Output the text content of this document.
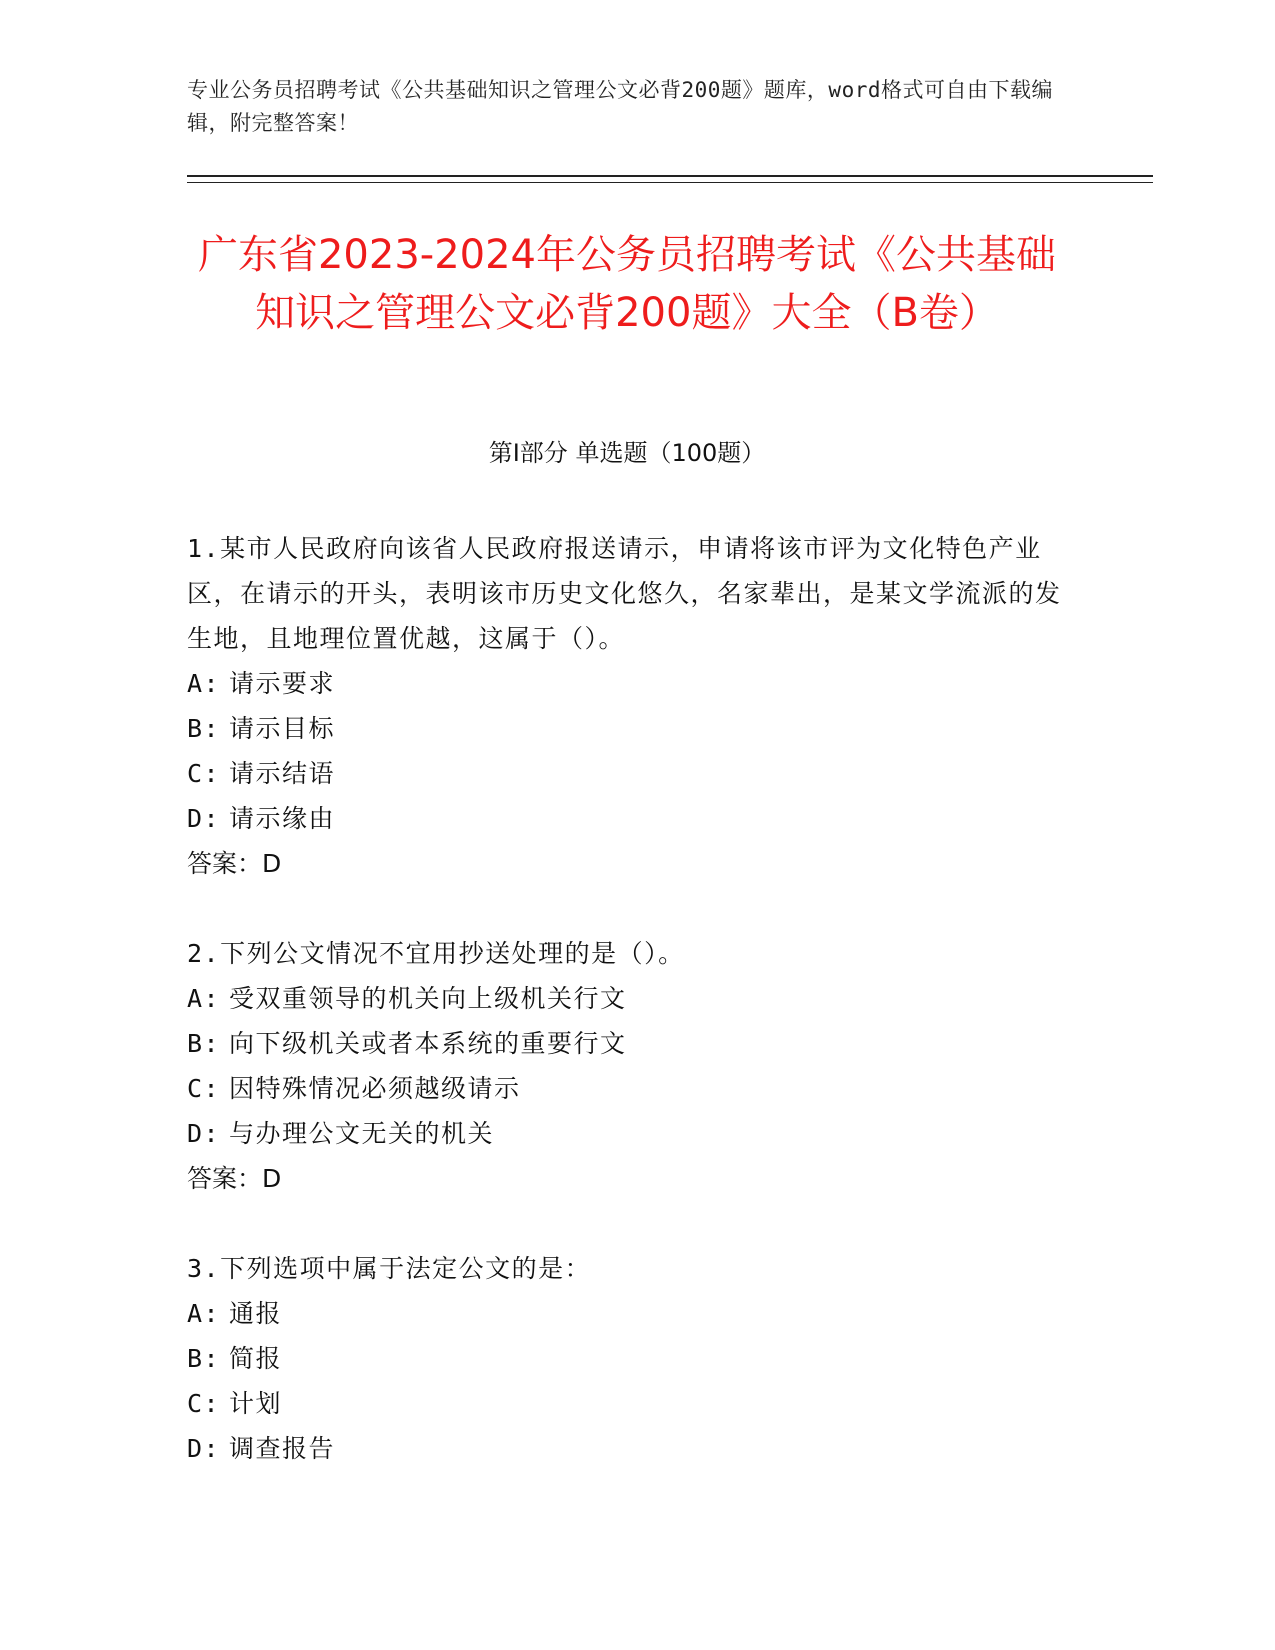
专业公务员招聘考试《公共基础知识之管理公文必背200题》题库，word格式可自由下载编辑，附完整答案！
广东省2023-2024年公务员招聘考试《公共基础知识之管理公文必背200题》大全（B卷）
第I部分 单选题（100题）
1.某市人民政府向该省人民政府报送请示，申请将该市评为文化特色产业区，在请示的开头，表明该市历史文化悠久，名家辈出，是某文学流派的发生地，且地理位置优越，这属于（）。
A: 请示要求
B: 请示目标
C: 请示结语
D: 请示缘由
答案：D
2.下列公文情况不宜用抄送处理的是（）。
A: 受双重领导的机关向上级机关行文
B: 向下级机关或者本系统的重要行文
C: 因特殊情况必须越级请示
D: 与办理公文无关的机关
答案：D
3.下列选项中属于法定公文的是：
A: 通报
B: 简报
C: 计划
D: 调查报告
